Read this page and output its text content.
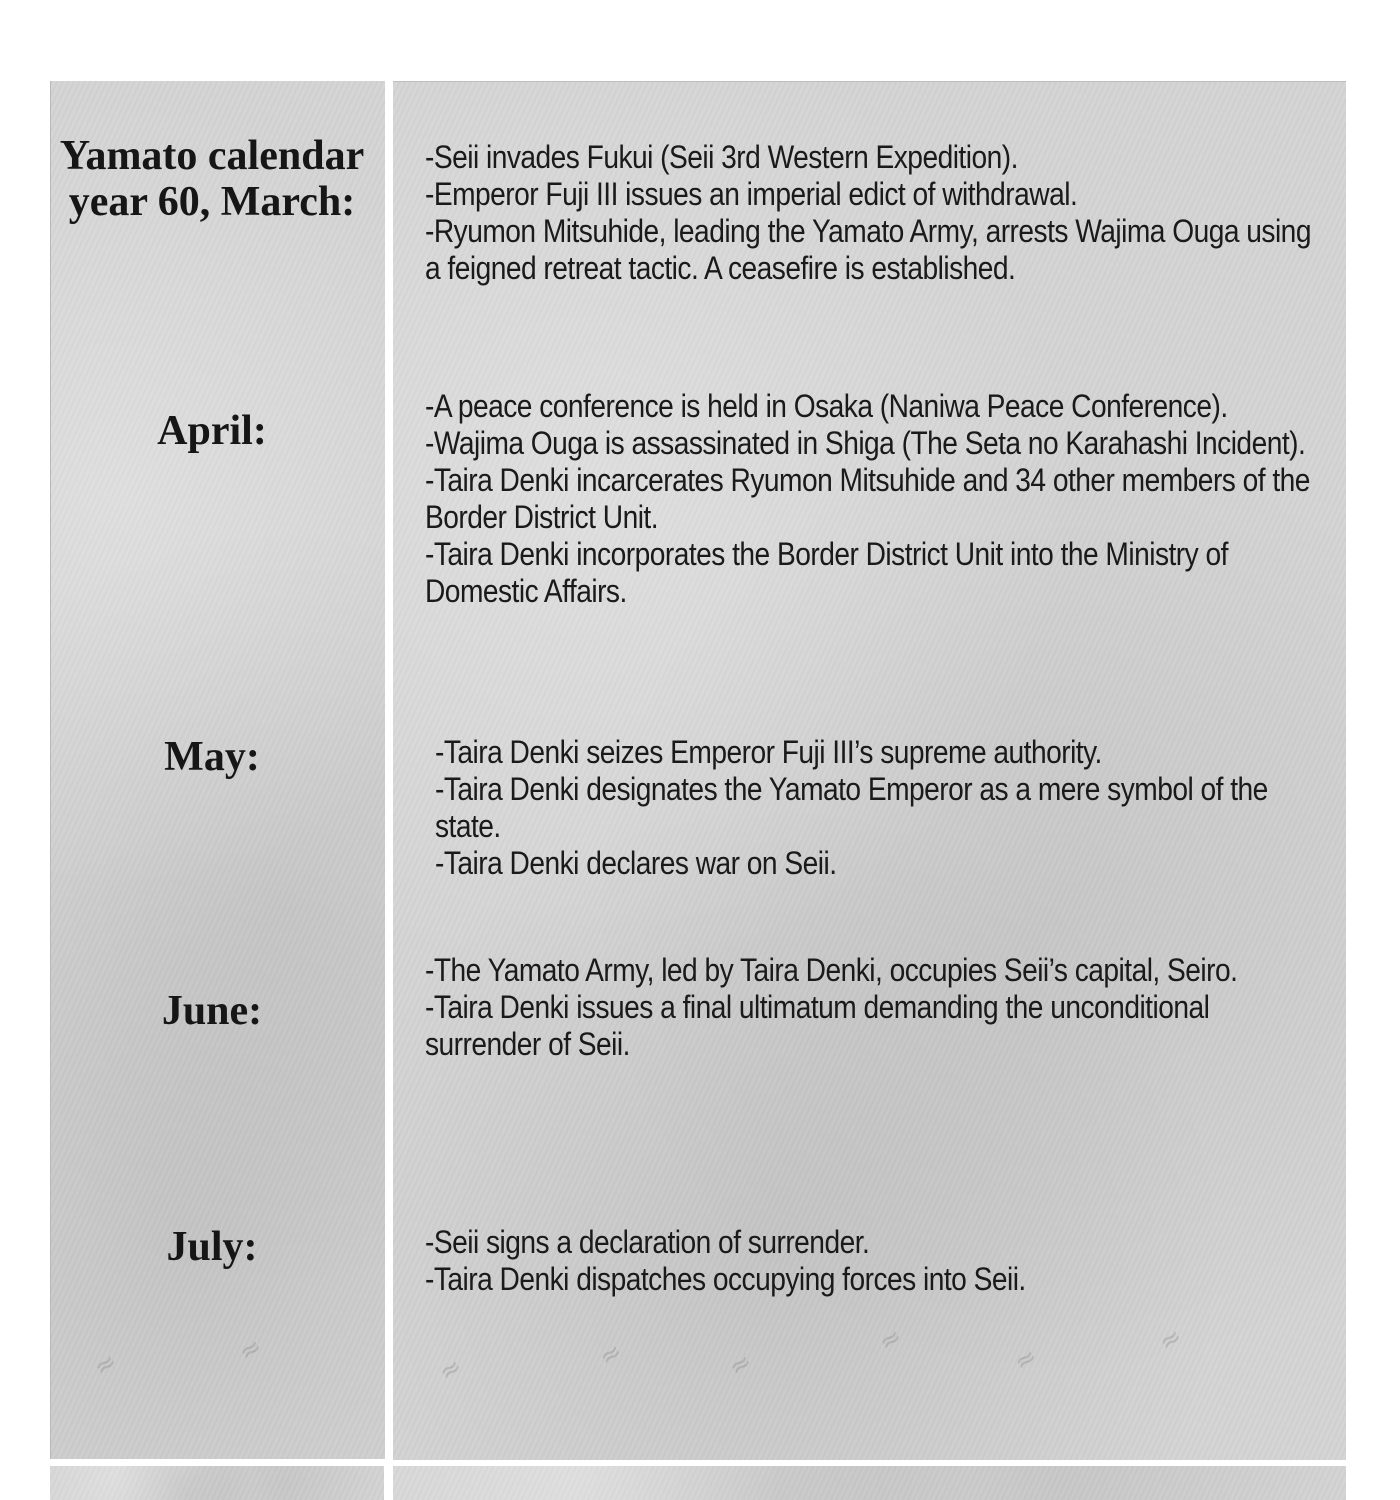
≈	≈
≈	≈	≈
≈
≈
≈
Yamato calendar year 60, March:
-Seii invades Fukui (Seii 3rd Western Expedition).
-Emperor Fuji III issues an imperial edict of withdrawal.
-Ryumon Mitsuhide, leading the Yamato Army, arrests Wajima Ouga using a feigned retreat tactic. A ceasefire is established.
April:
-A peace conference is held in Osaka (Naniwa Peace Conference).
-Wajima Ouga is assassinated in Shiga (The Seta no Karahashi Incident).
-Taira Denki incarcerates Ryumon Mitsuhide and 34 other members of the Border District Unit.
-Taira Denki incorporates the Border District Unit into the Ministry of Domestic Affairs.
May:	-Taira Denki seizes Emperor Fuji III’s supreme authority.
-Taira Denki designates the Yamato Emperor as a mere symbol of the state.
-Taira Denki declares war on Seii.
June:
-The Yamato Army, led by Taira Denki, occupies Seii’s capital, Seiro.
-Taira Denki issues a final ultimatum demanding the unconditional surrender of Seii.
July:	-Seii signs a declaration of surrender.
-Taira Denki dispatches occupying forces into Seii.
